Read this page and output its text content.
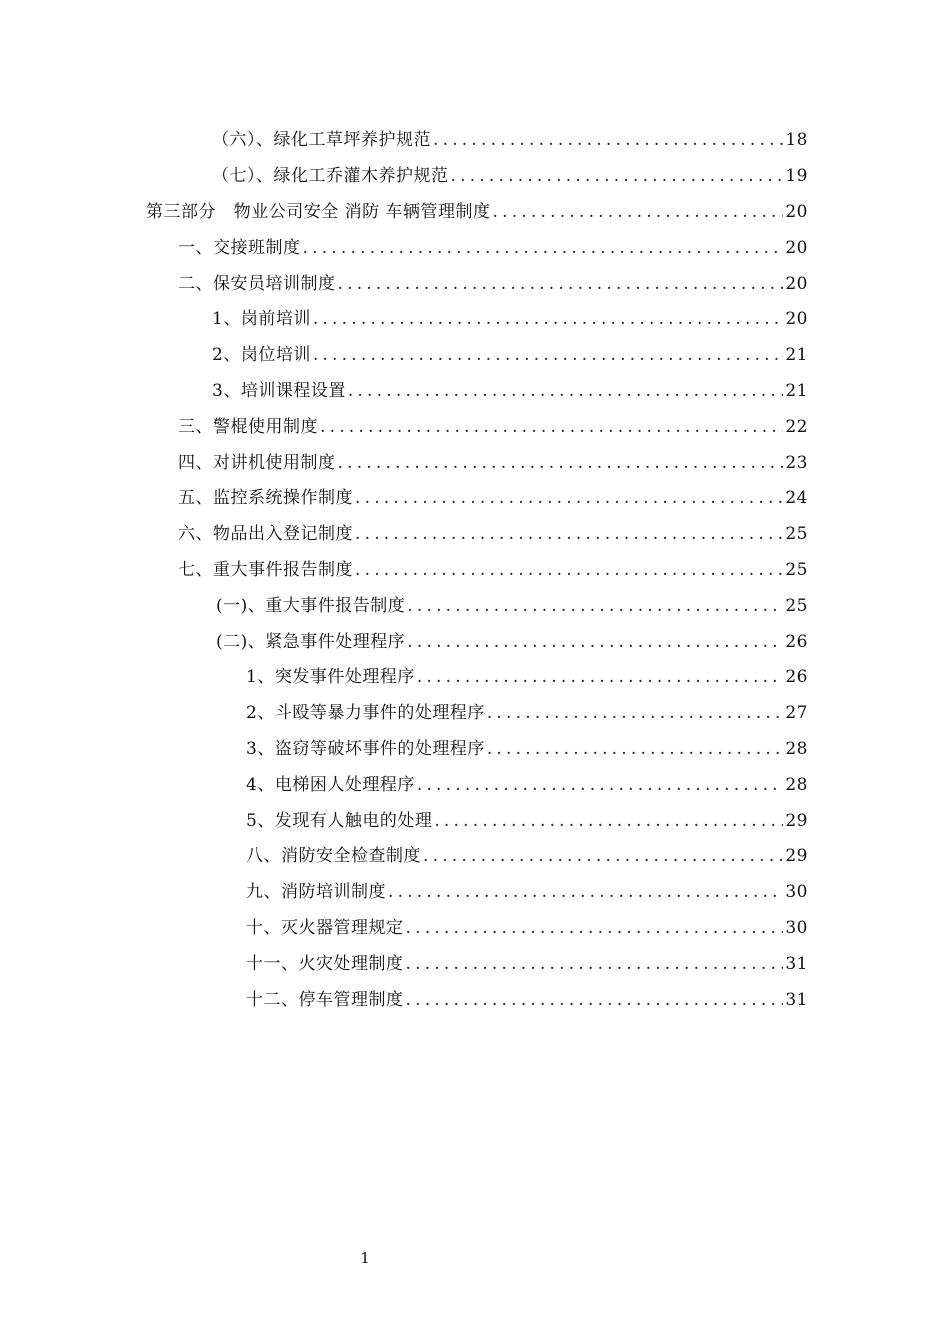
（六）、绿化工草坪养护规范 .....	18
（七）、绿化工乔灌木养护规范 .....	19
第三部分   物业公司安全 消防 车辆管理制度 .....	20
一、交接班制度 .....	20
二、保安员培训制度 .....	20
1、岗前培训 .....	20
2、岗位培训 .....	21
3、培训课程设置 .....	21
三、警棍使用制度 .....	22
四、对讲机使用制度 .....	23
五、监控系统操作制度 .....	24
六、物品出入登记制度 .....	25
七、重大事件报告制度 .....	25
(一)、重大事件报告制度 .....	25
(二)、紧急事件处理程序 .....	26
1、突发事件处理程序 .....	26
2、斗殴等暴力事件的处理程序 .....	27
3、盗窃等破坏事件的处理程序 .....	28
4、电梯困人处理程序 .....	28
5、发现有人触电的处理 .....	29
八、消防安全检查制度 .....	29
九、消防培训制度 .....	30
十、灭火器管理规定 .....	30
十一、火灾处理制度 .....	31
十二、停车管理制度 .....	31
1
